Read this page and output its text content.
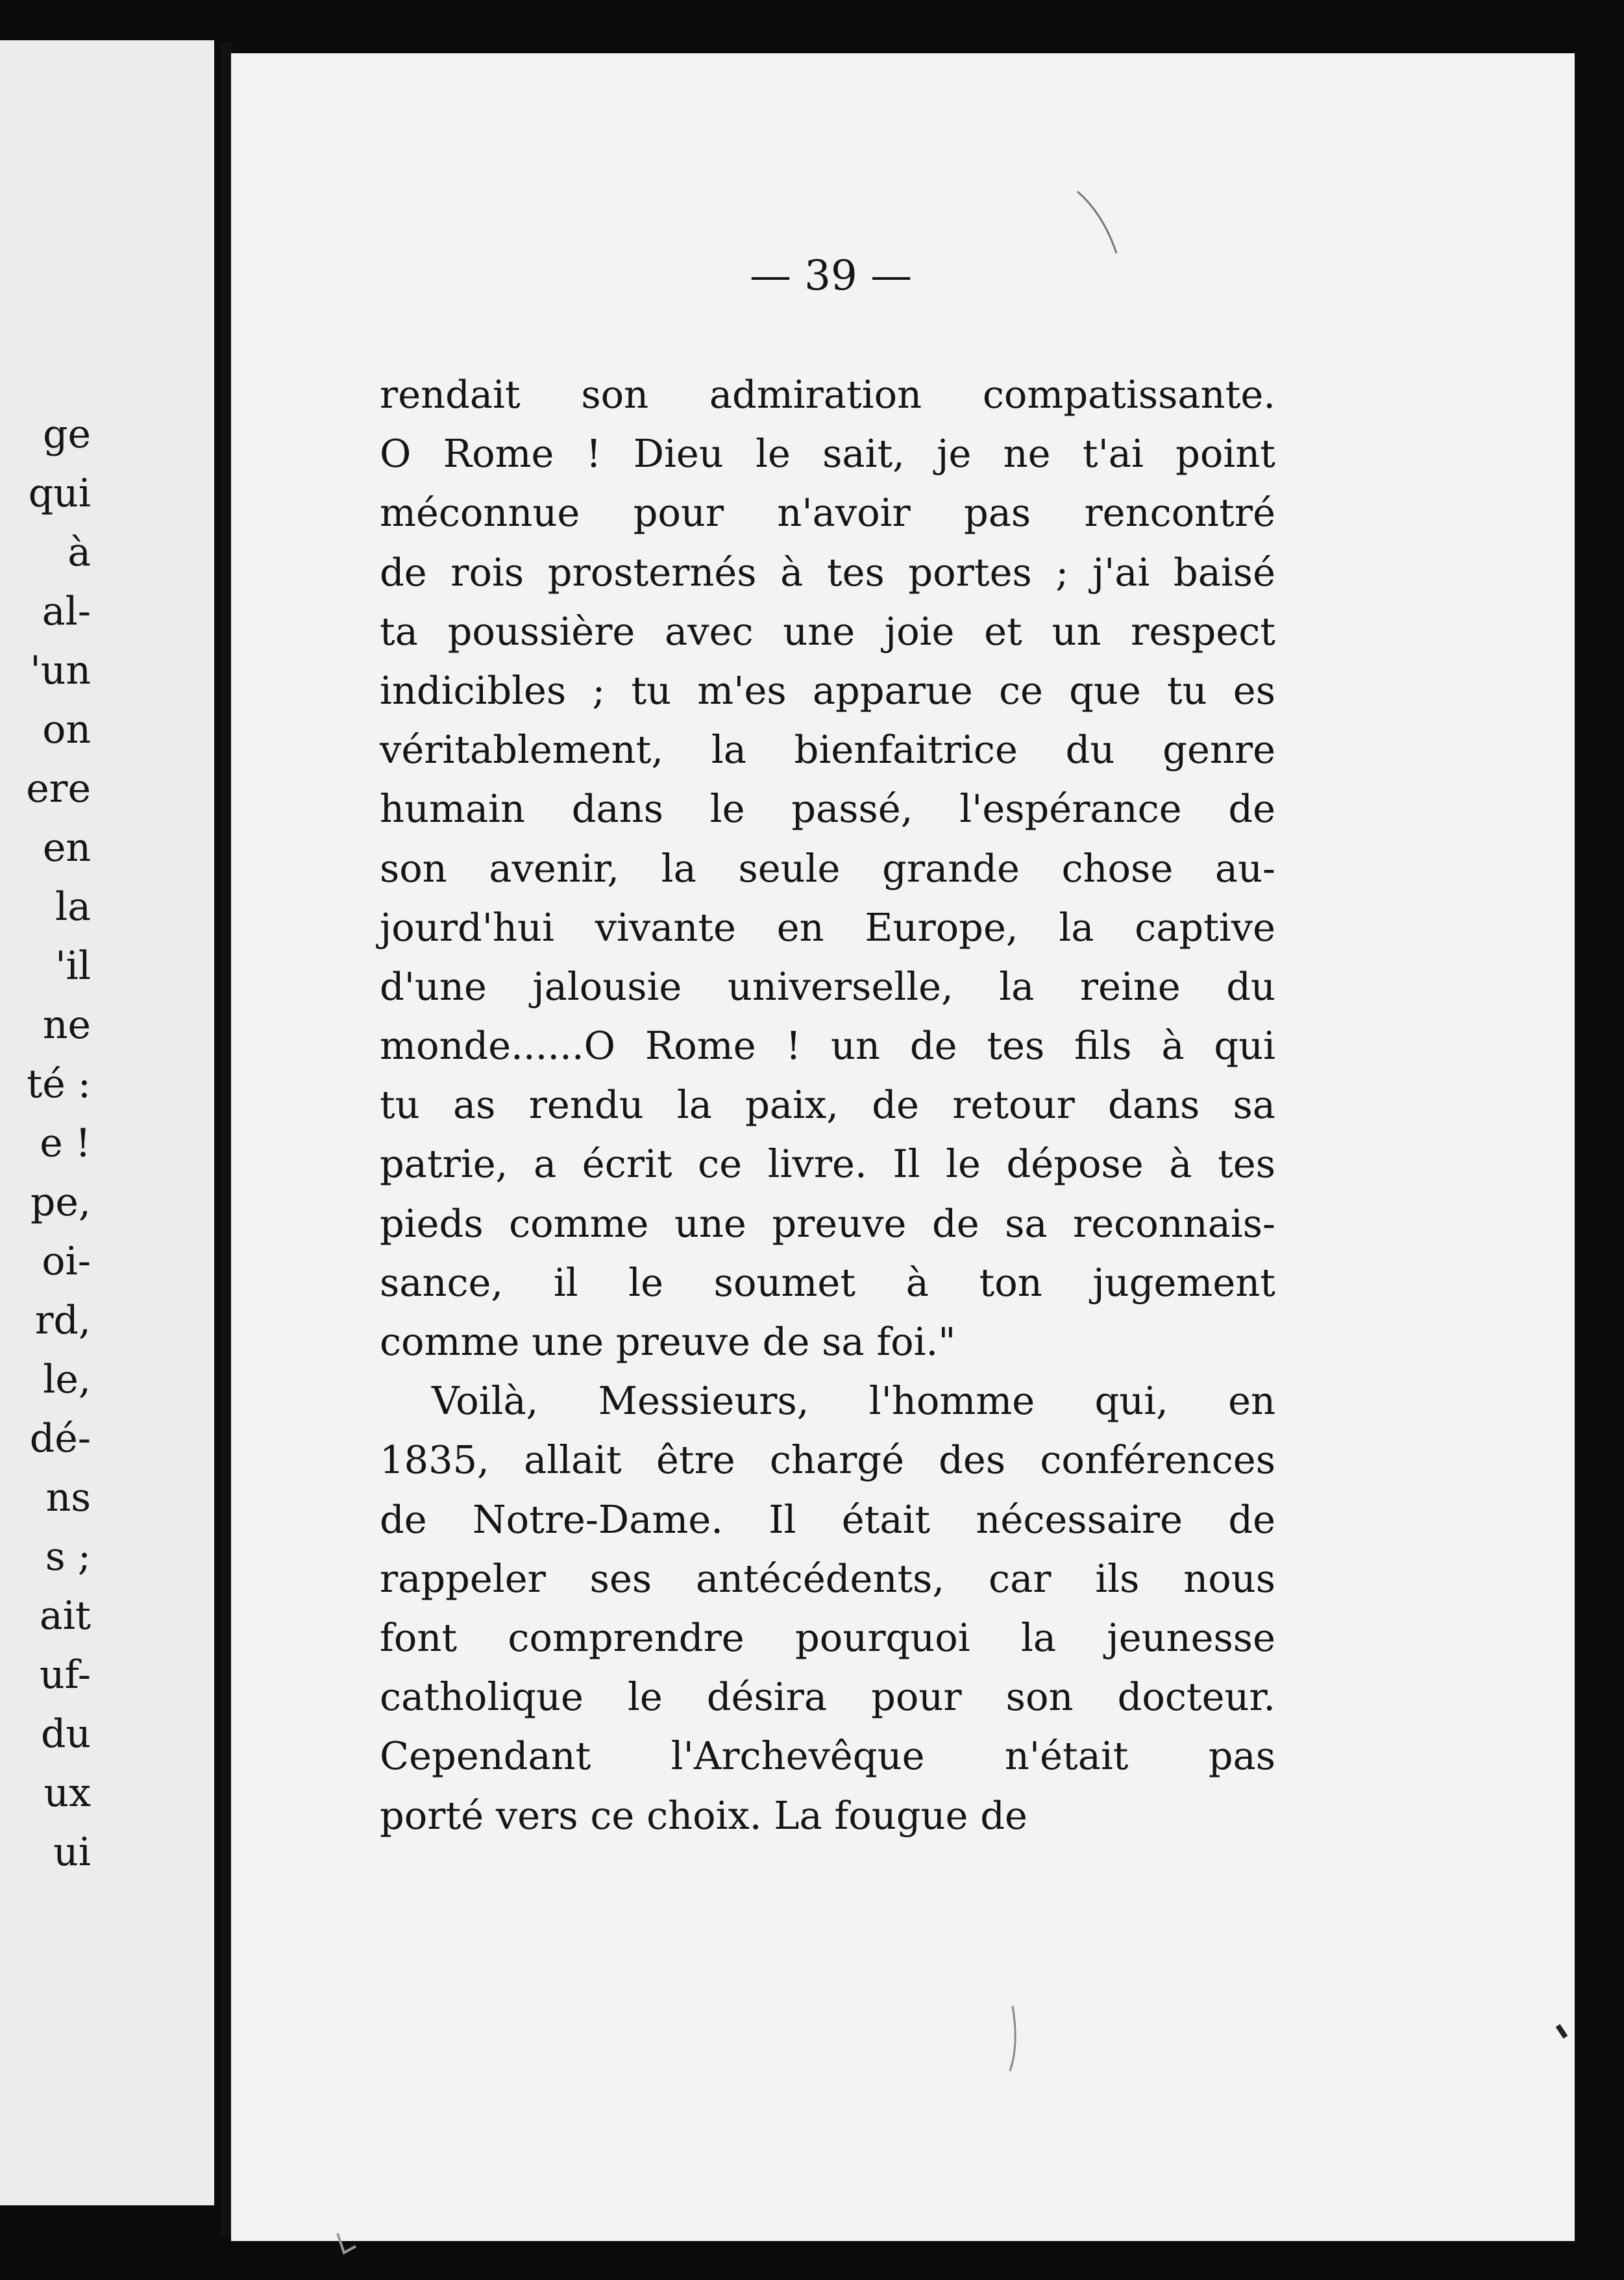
ge
qui
à
al-
'un
on
ere
en
la
'il
ne
té :
e !
pe,
oi-
rd,
le,
dé-
ns
s ;
ait
uf-
du
ux
ui
— 39 —
rendait son admiration compatissante.
O Rome ! Dieu le sait, je ne t'ai point
méconnue pour n'avoir pas rencontré
de rois prosternés à tes portes ; j'ai baisé
ta poussière avec une joie et un respect
indicibles ; tu m'es apparue ce que tu es
véritablement, la bienfaitrice du genre
humain dans le passé, l'espérance de
son avenir, la seule grande chose au-
jourd'hui vivante en Europe, la captive
d'une jalousie universelle, la reine du
monde......O Rome ! un de tes fils à qui
tu as rendu la paix, de retour dans sa
patrie, a écrit ce livre. Il le dépose à tes
pieds comme une preuve de sa reconnais-
sance, il le soumet à ton jugement
comme une preuve de sa foi."
Voilà, Messieurs, l'homme qui, en
1835, allait être chargé des conférences
de Notre-Dame. Il était nécessaire de
rappeler ses antécédents, car ils nous
font comprendre pourquoi la jeunesse
catholique le désira pour son docteur.
Cependant l'Archevêque n'était pas
porté vers ce choix. La fougue de
